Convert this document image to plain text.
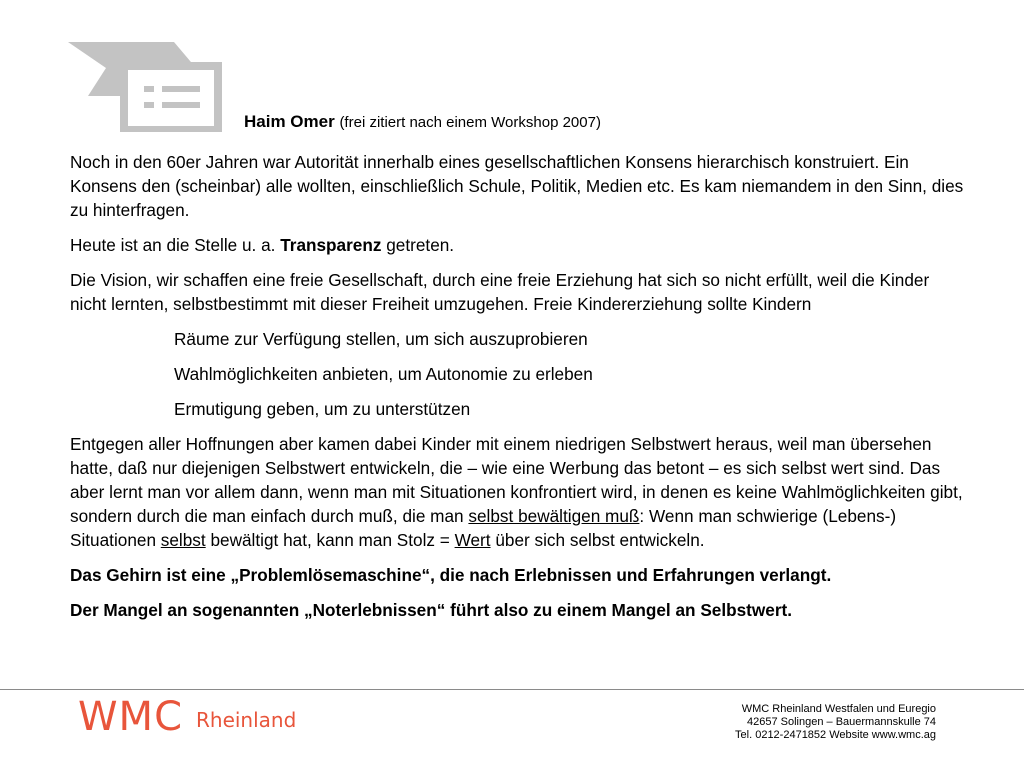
Haim Omer (frei zitiert nach einem Workshop 2007)

Noch in den 60er Jahren war Autorität innerhalb eines gesellschaftlichen Konsens hierarchisch konstruiert. Ein Konsens den (scheinbar) alle wollten, einschließlich Schule, Politik, Medien etc. Es kam niemandem in den Sinn, dies zu hinterfragen.

Heute ist an die Stelle u. a. Transparenz getreten.

Die Vision, wir schaffen eine freie Gesellschaft, durch eine freie Erziehung hat sich so nicht erfüllt, weil die Kinder nicht lernten, selbstbestimmt mit dieser Freiheit umzugehen. Freie Kindererziehung sollte Kindern

Räume zur Verfügung stellen, um sich auszuprobieren

Wahlmöglichkeiten anbieten, um Autonomie zu erleben

Ermutigung geben, um zu unterstützen

Entgegen aller Hoffnungen aber kamen dabei Kinder mit einem niedrigen Selbstwert heraus, weil man übersehen hatte, daß nur diejenigen Selbstwert entwickeln, die – wie eine Werbung das betont – es sich selbst wert sind. Das aber lernt man vor allem dann, wenn man mit Situationen konfrontiert wird, in denen es keine Wahlmöglichkeiten gibt, sondern durch die man einfach durch muß, die man selbst bewältigen muß: Wenn man schwierige (Lebens-) Situationen selbst bewältigt hat, kann man Stolz = Wert über sich selbst entwickeln.

Das Gehirn ist eine „Problemlösemaschine“, die nach Erlebnissen und Erfahrungen verlangt.

Der Mangel an sogenannten „Noterlebnissen“ führt also zu einem Mangel an Selbstwert.

WMC Rheinland	WMC Rheinland Westfalen und Euregio
42657 Solingen – Bauermannskulle 74
Tel. 0212-2471852 Website www.wmc.ag
